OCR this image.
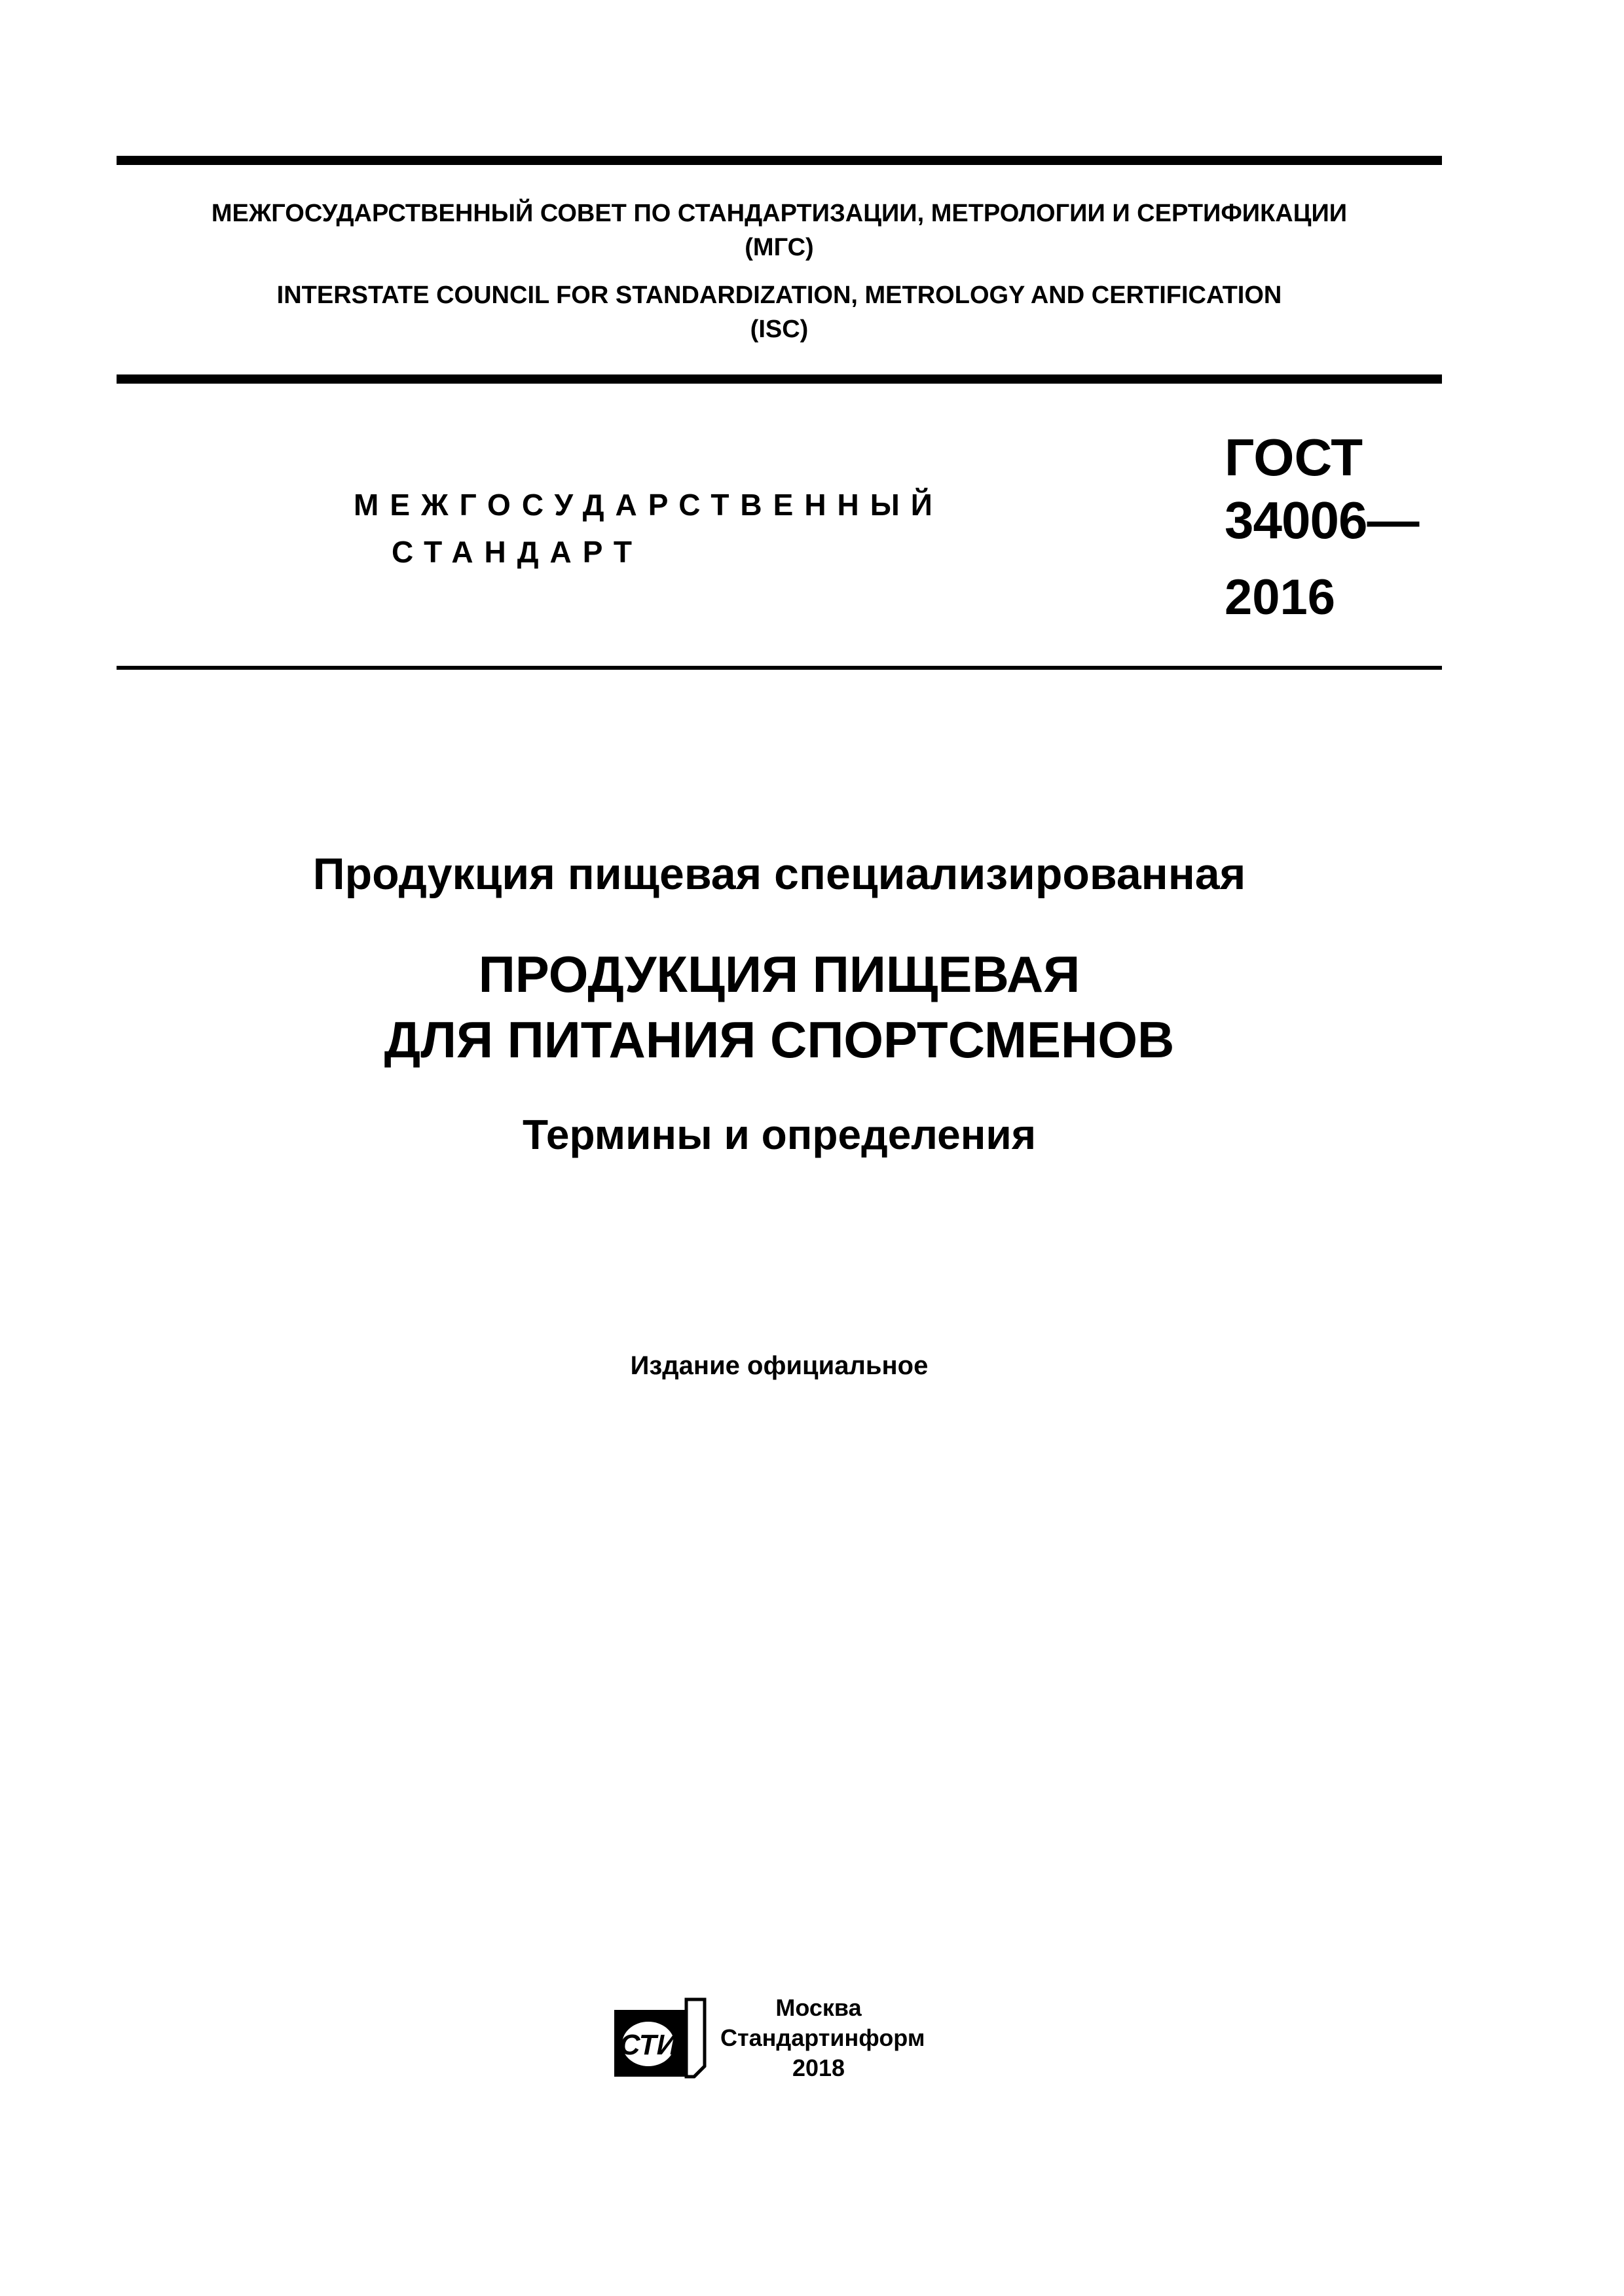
МЕЖГОСУДАРСТВЕННЫЙ СОВЕТ ПО СТАНДАРТИЗАЦИИ, МЕТРОЛОГИИ И СЕРТИФИКАЦИИ
(МГС)
INTERSTATE COUNCIL FOR STANDARDIZATION, METROLOGY AND CERTIFICATION
(ISC)
МЕЖГОСУДАРСТВЕННЫЙ
СТАНДАРТ
ГОСТ
34006—
2016
Продукция пищевая специализированная
ПРОДУКЦИЯ ПИЩЕВАЯ
ДЛЯ ПИТАНИЯ СПОРТСМЕНОВ
Термины и определения
Издание официальное
СТИ
Москва
Стандартинформ
2018
